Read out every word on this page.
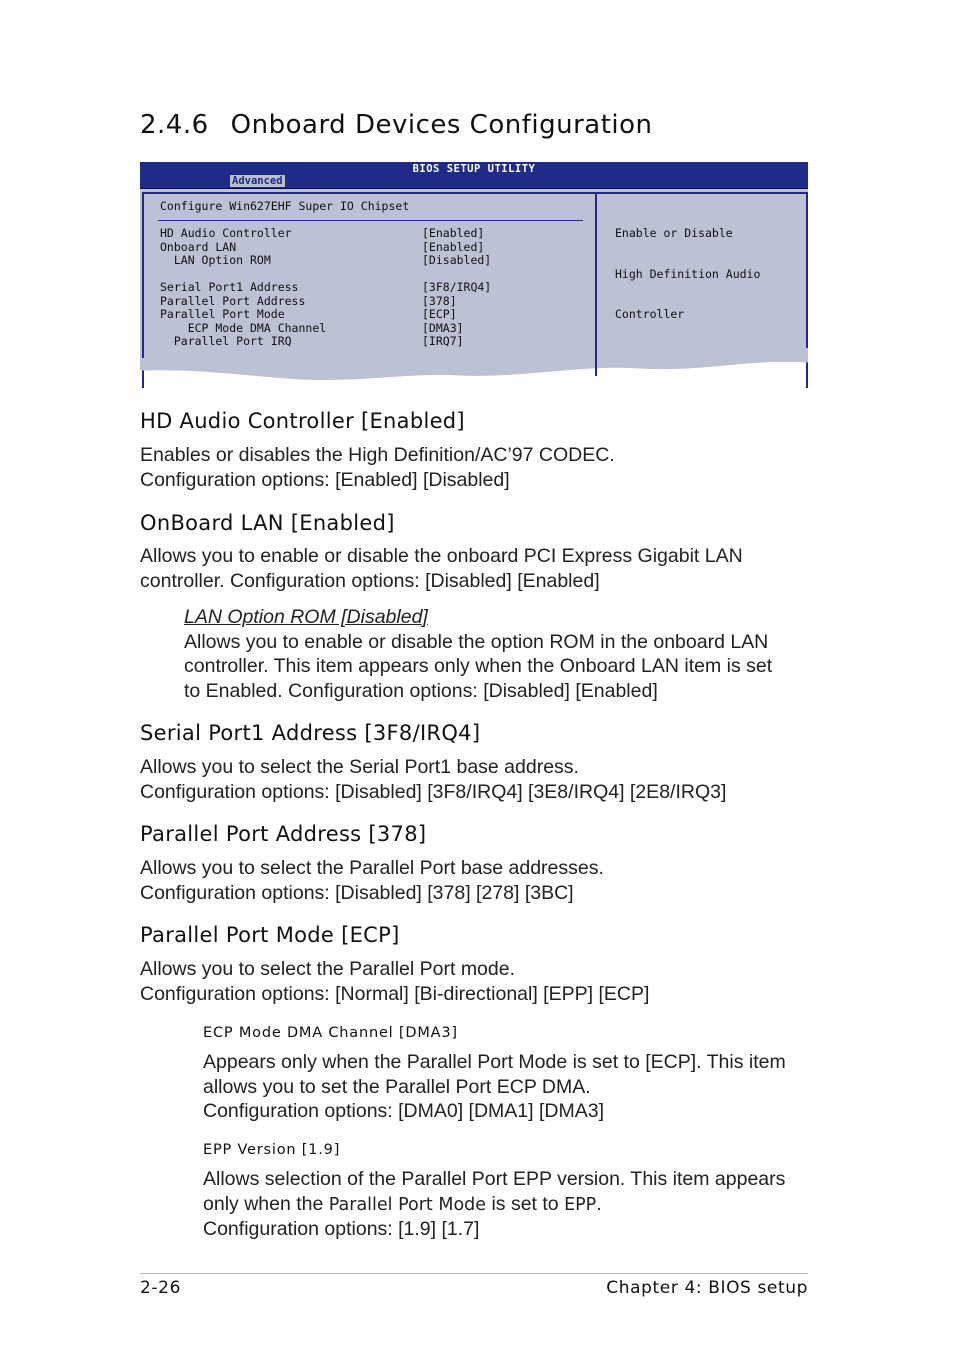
2.4.6 Onboard Devices Configuration
BIOS SETUP UTILITY
Advanced
Configure Win627EHF Super IO Chipset

HD Audio Controller

	[Enabled]

Onboard LAN

	[Enabled]

LAN Option ROM

	[Disabled]

Serial Port1 Address

	[3F8/IRQ4]

Parallel Port Address

	[378]

Parallel Port Mode

	[ECP]

ECP Mode DMA Channel

	[DMA3]

Parallel Port IRQ

	[IRQ7]

Enable or Disable

High Definition Audio

Controller

HD Audio Controller [Enabled]
Enables or disables the High Definition/AC’97 CODEC.
Configuration options: [Enabled] [Disabled]
OnBoard LAN [Enabled]
Allows you to enable or disable the onboard PCI Express Gigabit LAN
controller. Configuration options: [Disabled] [Enabled]
LAN Option ROM [Disabled]
Allows you to enable or disable the option ROM in the onboard LAN
controller. This item appears only when the Onboard LAN item is set
to Enabled. Configuration options: [Disabled] [Enabled]
Serial Port1 Address [3F8/IRQ4]
Allows you to select the Serial Port1 base address.
Configuration options: [Disabled] [3F8/IRQ4] [3E8/IRQ4] [2E8/IRQ3]
Parallel Port Address [378]
Allows you to select the Parallel Port base addresses.
Configuration options: [Disabled] [378] [278] [3BC]
Parallel Port Mode [ECP]
Allows you to select the Parallel Port mode.
Configuration options: [Normal] [Bi-directional] [EPP] [ECP]
ECP Mode DMA Channel [DMA3]
Appears only when the Parallel Port Mode is set to [ECP]. This item
allows you to set the Parallel Port ECP DMA.
Configuration options: [DMA0] [DMA1] [DMA3]
EPP Version [1.9]
Allows selection of the Parallel Port EPP version. This item appears
only when the Parallel Port Mode is set to EPP.
Configuration options: [1.9] [1.7]
2-26	Chapter 4: BIOS setup
